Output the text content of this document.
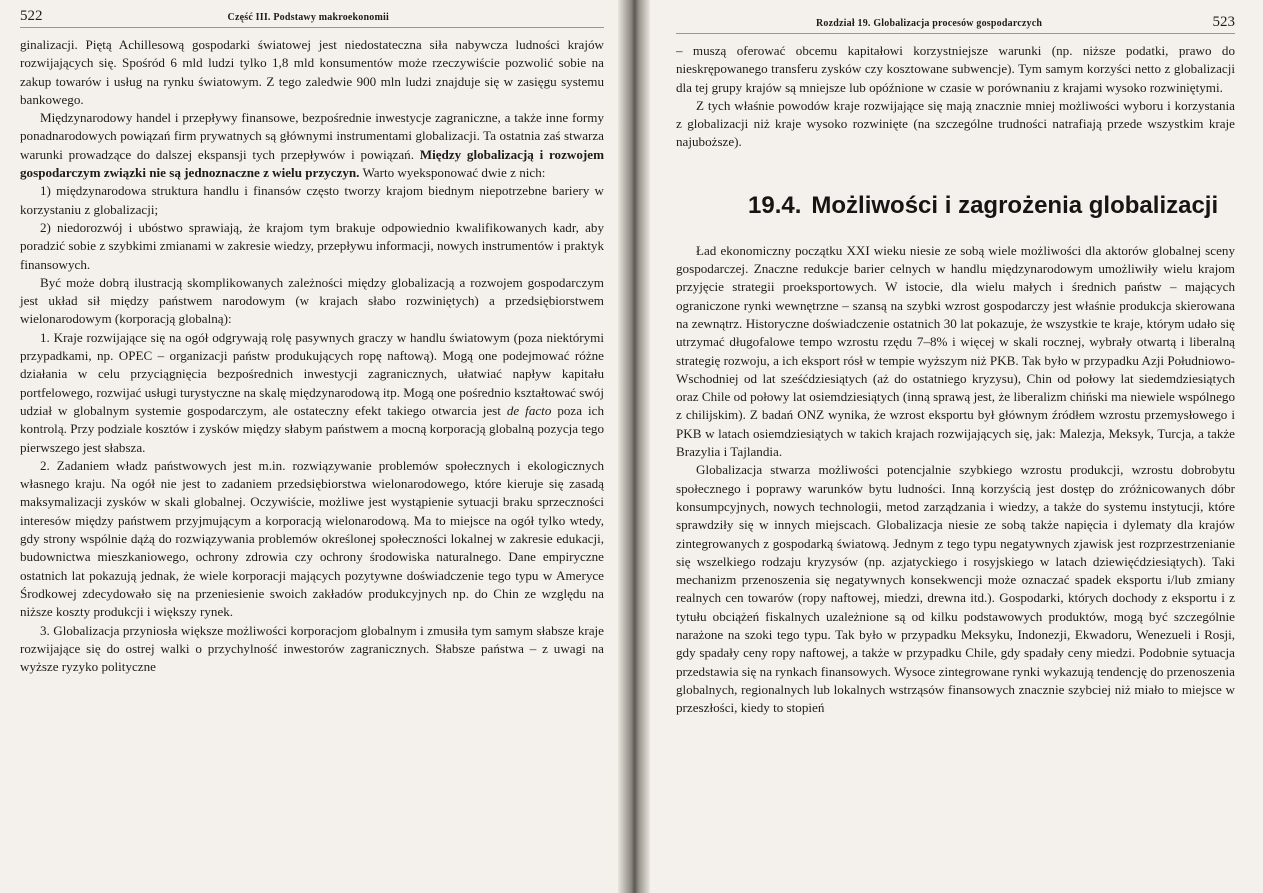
522	Część III. Podstawy makroekonomii

ginalizacji. Piętą Achillesową gospodarki światowej jest niedostateczna siła nabywcza ludności krajów rozwijających się. Spośród 6 mld ludzi tylko 1,8 mld konsumentów może rzeczywiście pozwolić sobie na zakup towarów i usług na rynku światowym. Z tego zaledwie 900 mln ludzi znajduje się w zasięgu systemu bankowego.

Międzynarodowy handel i przepływy finansowe, bezpośrednie inwestycje zagraniczne, a także inne formy ponadnarodowych powiązań firm prywatnych są głównymi instrumentami globalizacji. Ta ostatnia zaś stwarza warunki prowadzące do dalszej ekspansji tych przepływów i powiązań. Między globalizacją i rozwojem gospodarczym związki nie są jednoznaczne z wielu przyczyn. Warto wyeksponować dwie z nich:

1) międzynarodowa struktura handlu i finansów często tworzy krajom biednym niepotrzebne bariery w korzystaniu z globalizacji;

2) niedorozwój i ubóstwo sprawiają, że krajom tym brakuje odpowiednio kwalifikowanych kadr, aby poradzić sobie z szybkimi zmianami w zakresie wiedzy, przepływu informacji, nowych instrumentów i praktyk finansowych.

Być może dobrą ilustracją skomplikowanych zależności między globalizacją a rozwojem gospodarczym jest układ sił między państwem narodowym (w krajach słabo rozwiniętych) a przedsiębiorstwem wielonarodowym (korporacją globalną):

1. Kraje rozwijające się na ogół odgrywają rolę pasywnych graczy w handlu światowym (poza niektórymi przypadkami, np. OPEC – organizacji państw produkujących ropę naftową). Mogą one podejmować różne działania w celu przyciągnięcia bezpośrednich inwestycji zagranicznych, ułatwiać napływ kapitału portfelowego, rozwijać usługi turystyczne na skalę międzynarodową itp. Mogą one pośrednio kształtować swój udział w globalnym systemie gospodarczym, ale ostateczny efekt takiego otwarcia jest de facto poza ich kontrolą. Przy podziale kosztów i zysków między słabym państwem a mocną korporacją globalną pozycja tego pierwszego jest słabsza.

2. Zadaniem władz państwowych jest m.in. rozwiązywanie problemów społecznych i ekologicznych własnego kraju. Na ogół nie jest to zadaniem przedsiębiorstwa wielonarodowego, które kieruje się zasadą maksymalizacji zysków w skali globalnej. Oczywiście, możliwe jest wystąpienie sytuacji braku sprzeczności interesów między państwem przyjmującym a korporacją wielonarodową. Ma to miejsce na ogół tylko wtedy, gdy strony wspólnie dążą do rozwiązywania problemów określonej społeczności lokalnej w zakresie edukacji, budownictwa mieszkaniowego, ochrony zdrowia czy ochrony środowiska naturalnego. Dane empiryczne ostatnich lat pokazują jednak, że wiele korporacji mających pozytywne doświadczenie tego typu w Ameryce Środkowej zdecydowało się na przeniesienie swoich zakładów produkcyjnych np. do Chin ze względu na niższe koszty produkcji i większy rynek.

3. Globalizacja przyniosła większe możliwości korporacjom globalnym i zmusiła tym samym słabsze kraje rozwijające się do ostrej walki o przychylność inwestorów zagranicznych. Słabsze państwa – z uwagi na wyższe ryzyko polityczne

Rozdział 19. Globalizacja procesów gospodarczych	523

– muszą oferować obcemu kapitałowi korzystniejsze warunki (np. niższe podatki, prawo do nieskrępowanego transferu zysków czy kosztowane subwencje). Tym samym korzyści netto z globalizacji dla tej grupy krajów są mniejsze lub opóźnione w czasie w porównaniu z krajami wysoko rozwiniętymi.

Z tych właśnie powodów kraje rozwijające się mają znacznie mniej możliwości wyboru i korzystania z globalizacji niż kraje wysoko rozwinięte (na szczególne trudności natrafiają przede wszystkim kraje najuboższe).

19.4. Możliwości i zagrożenia globalizacji

Ład ekonomiczny początku XXI wieku niesie ze sobą wiele możliwości dla aktorów globalnej sceny gospodarczej. Znaczne redukcje barier celnych w handlu międzynarodowym umożliwiły wielu krajom przyjęcie strategii proeksportowych. W istocie, dla wielu małych i średnich państw – mających ograniczone rynki wewnętrzne – szansą na szybki wzrost gospodarczy jest właśnie produkcja skierowana na zewnątrz. Historyczne doświadczenie ostatnich 30 lat pokazuje, że wszystkie te kraje, którym udało się utrzymać długofalowe tempo wzrostu rzędu 7–8% i więcej w skali rocznej, wybrały otwartą i liberalną strategię rozwoju, a ich eksport rósł w tempie wyższym niż PKB. Tak było w przypadku Azji Południowo-Wschodniej od lat sześćdziesiątych (aż do ostatniego kryzysu), Chin od połowy lat siedemdziesiątych oraz Chile od połowy lat osiemdziesiątych (inną sprawą jest, że liberalizm chiński ma niewiele wspólnego z chilijskim). Z badań ONZ wynika, że wzrost eksportu był głównym źródłem wzrostu przemysłowego i PKB w latach osiemdziesiątych w takich krajach rozwijających się, jak: Malezja, Meksyk, Turcja, a także Brazylia i Tajlandia.

Globalizacja stwarza możliwości potencjalnie szybkiego wzrostu produkcji, wzrostu dobrobytu społecznego i poprawy warunków bytu ludności. Inną korzyścią jest dostęp do zróżnicowanych dóbr konsumpcyjnych, nowych technologii, metod zarządzania i wiedzy, a także do systemu instytucji, które sprawdziły się w innych miejscach. Globalizacja niesie ze sobą także napięcia i dylematy dla krajów zintegrowanych z gospodarką światową. Jednym z tego typu negatywnych zjawisk jest rozprzestrzenianie się wszelkiego rodzaju kryzysów (np. azjatyckiego i rosyjskiego w latach dziewięćdziesiątych). Taki mechanizm przenoszenia się negatywnych konsekwencji może oznaczać spadek eksportu i/lub zmiany realnych cen towarów (ropy naftowej, miedzi, drewna itd.). Gospodarki, których dochody z eksportu i z tytułu obciążeń fiskalnych uzależnione są od kilku podstawowych produktów, mogą być szczególnie narażone na szoki tego typu. Tak było w przypadku Meksyku, Indonezji, Ekwadoru, Wenezueli i Rosji, gdy spadały ceny ropy naftowej, a także w przypadku Chile, gdy spadały ceny miedzi. Podobnie sytuacja przedstawia się na rynkach finansowych. Wysoce zintegrowane rynki wykazują tendencję do przenoszenia globalnych, regionalnych lub lokalnych wstrząsów finansowych znacznie szybciej niż miało to miejsce w przeszłości, kiedy to stopień
